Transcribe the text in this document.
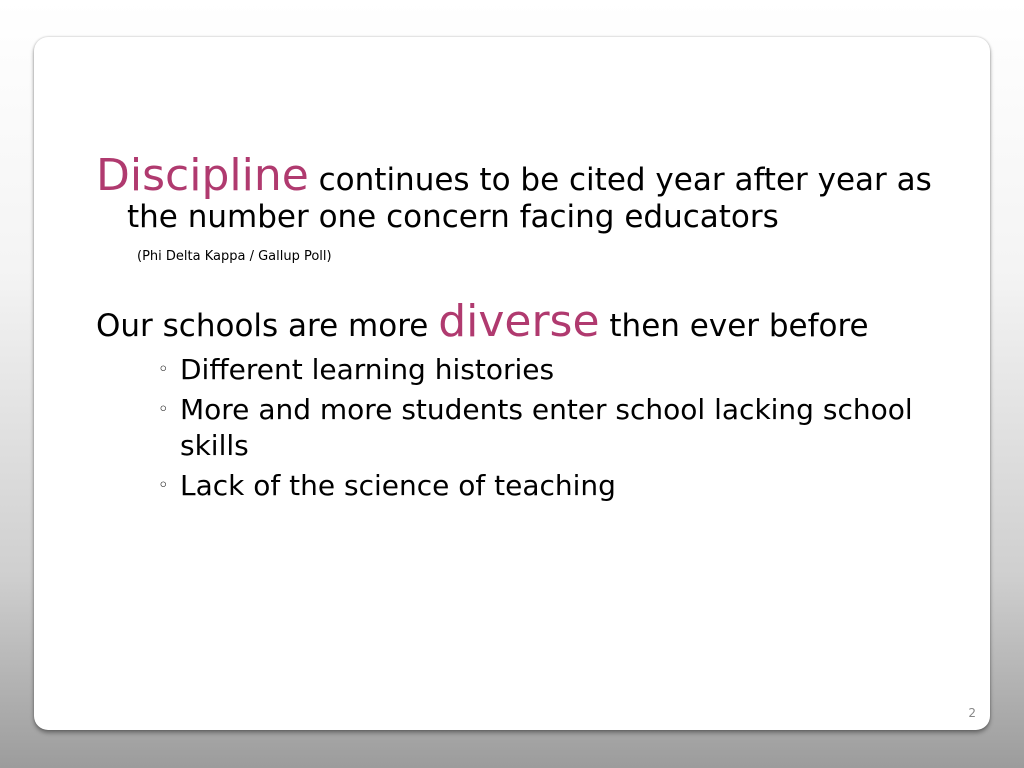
Discipline continues to be cited year after year as the number one concern facing educators

(Phi Delta Kappa / Gallup Poll)

Our schools are more diverse then ever before

◦ Different learning histories
◦ More and more students enter school lacking school skills
◦ Lack of the science of teaching
2
